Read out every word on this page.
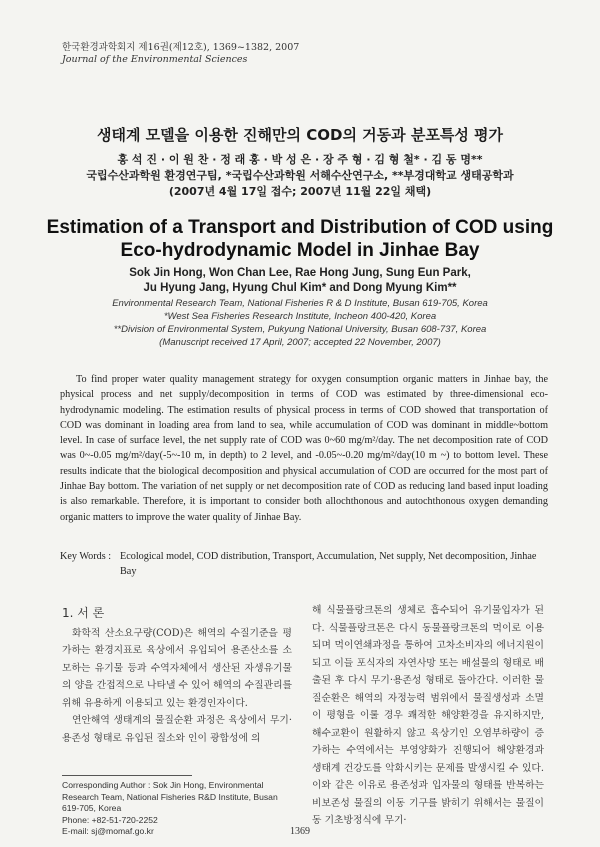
한국환경과학회지 제16권(제12호), 1369~1382, 2007
Journal of the Environmental Sciences
생태계 모델을 이용한 진해만의 COD의 거동과 분포특성 평가
홍 석 진 · 이 원 찬 · 정 래 홍 · 박 성 은 · 장 주 형 · 김 형 철* · 김 동 명**
국립수산과학원 환경연구팀, *국립수산과학원 서해수산연구소, **부경대학교 생태공학과
(2007년 4월 17일 접수; 2007년 11월 22일 채택)
Estimation of a Transport and Distribution of COD using
Eco-hydrodynamic Model in Jinhae Bay
Sok Jin Hong, Won Chan Lee, Rae Hong Jung, Sung Eun Park,
Ju Hyung Jang, Hyung Chul Kim* and Dong Myung Kim**
Environmental Research Team, National Fisheries R & D Institute, Busan 619-705, Korea
*West Sea Fisheries Research Institute, Incheon 400-420, Korea
**Division of Environmental System, Pukyung National University, Busan 608-737, Korea
(Manuscript received 17 April, 2007; accepted 22 November, 2007)
To find proper water quality management strategy for oxygen consumption organic matters in Jinhae bay, the physical process and net supply/decomposition in terms of COD was estimated by three-dimensional eco-hydrodynamic modeling. The estimation results of physical process in terms of COD showed that transportation of COD was dominant in loading area from land to sea, while accumulation of COD was dominant in middle~bottom level. In case of surface level, the net supply rate of COD was 0~60 mg/m²/day. The net decomposition rate of COD was 0~-0.05 mg/m²/day(-5~-10 m, in depth) to 2 level, and -0.05~-0.20 mg/m²/day(10 m ~) to bottom level. These results indicate that the biological decomposition and physical accumulation of COD are occurred for the most part of Jinhae Bay bottom. The variation of net supply or net decomposition rate of COD as reducing land based input loading is also remarkable. Therefore, it is important to consider both allochthonous and autochthonous oxygen demanding organic matters to improve the water quality of Jinhae Bay.
Key Words : Ecological model, COD distribution, Transport, Accumulation, Net supply, Net decomposition, Jinhae Bay
1. 서 론
화학적 산소요구량(COD)은 해역의 수질기준을 평가하는 환경지표로 육상에서 유입되어 용존산소를 소모하는 유기물 등과 수역자체에서 생산된 자생유기물의 양을 간접적으로 나타낼 수 있어 해역의 수질관리를 위해 유용하게 이용되고 있는 환경인자이다.
연안해역 생태계의 물질순환 과정은 육상에서 무기·용존성 형태로 유입된 질소와 인이 광합성에 의
해 식물플랑크톤의 생체로 흡수되어 유기물입자가 된다. 식물플랑크톤은 다시 동물플랑크톤의 먹이로 이용되며 먹이연쇄과정을 통하여 고차소비자의 에너지원이 되고 이들 포식자의 자연사망 또는 배설물의 형태로 배출된 후 다시 무기·용존성 형태로 돌아간다. 이러한 물질순환은 해역의 자정능력 범위에서 물질생성과 소멸이 평형을 이룰 경우 쾌적한 해양환경을 유지하지만, 해수교환이 원활하지 않고 육상기인 오염부하량이 증가하는 수역에서는 부영양화가 진행되어 해양환경과 생태계 건강도를 악화시키는 문제를 발생시킬 수 있다. 이와 같은 이유로 용존성과 입자물의 형태를 반복하는 비보존성 물질의 이동 기구를 밝히기 위해서는 물질이동 기초방정식에 무기·
Corresponding Author : Sok Jin Hong, Environmental Research Team, National Fisheries R&D Institute, Busan 619-705, Korea
Phone: +82-51-720-2252
E-mail: sj@momaf.go.kr	1369
